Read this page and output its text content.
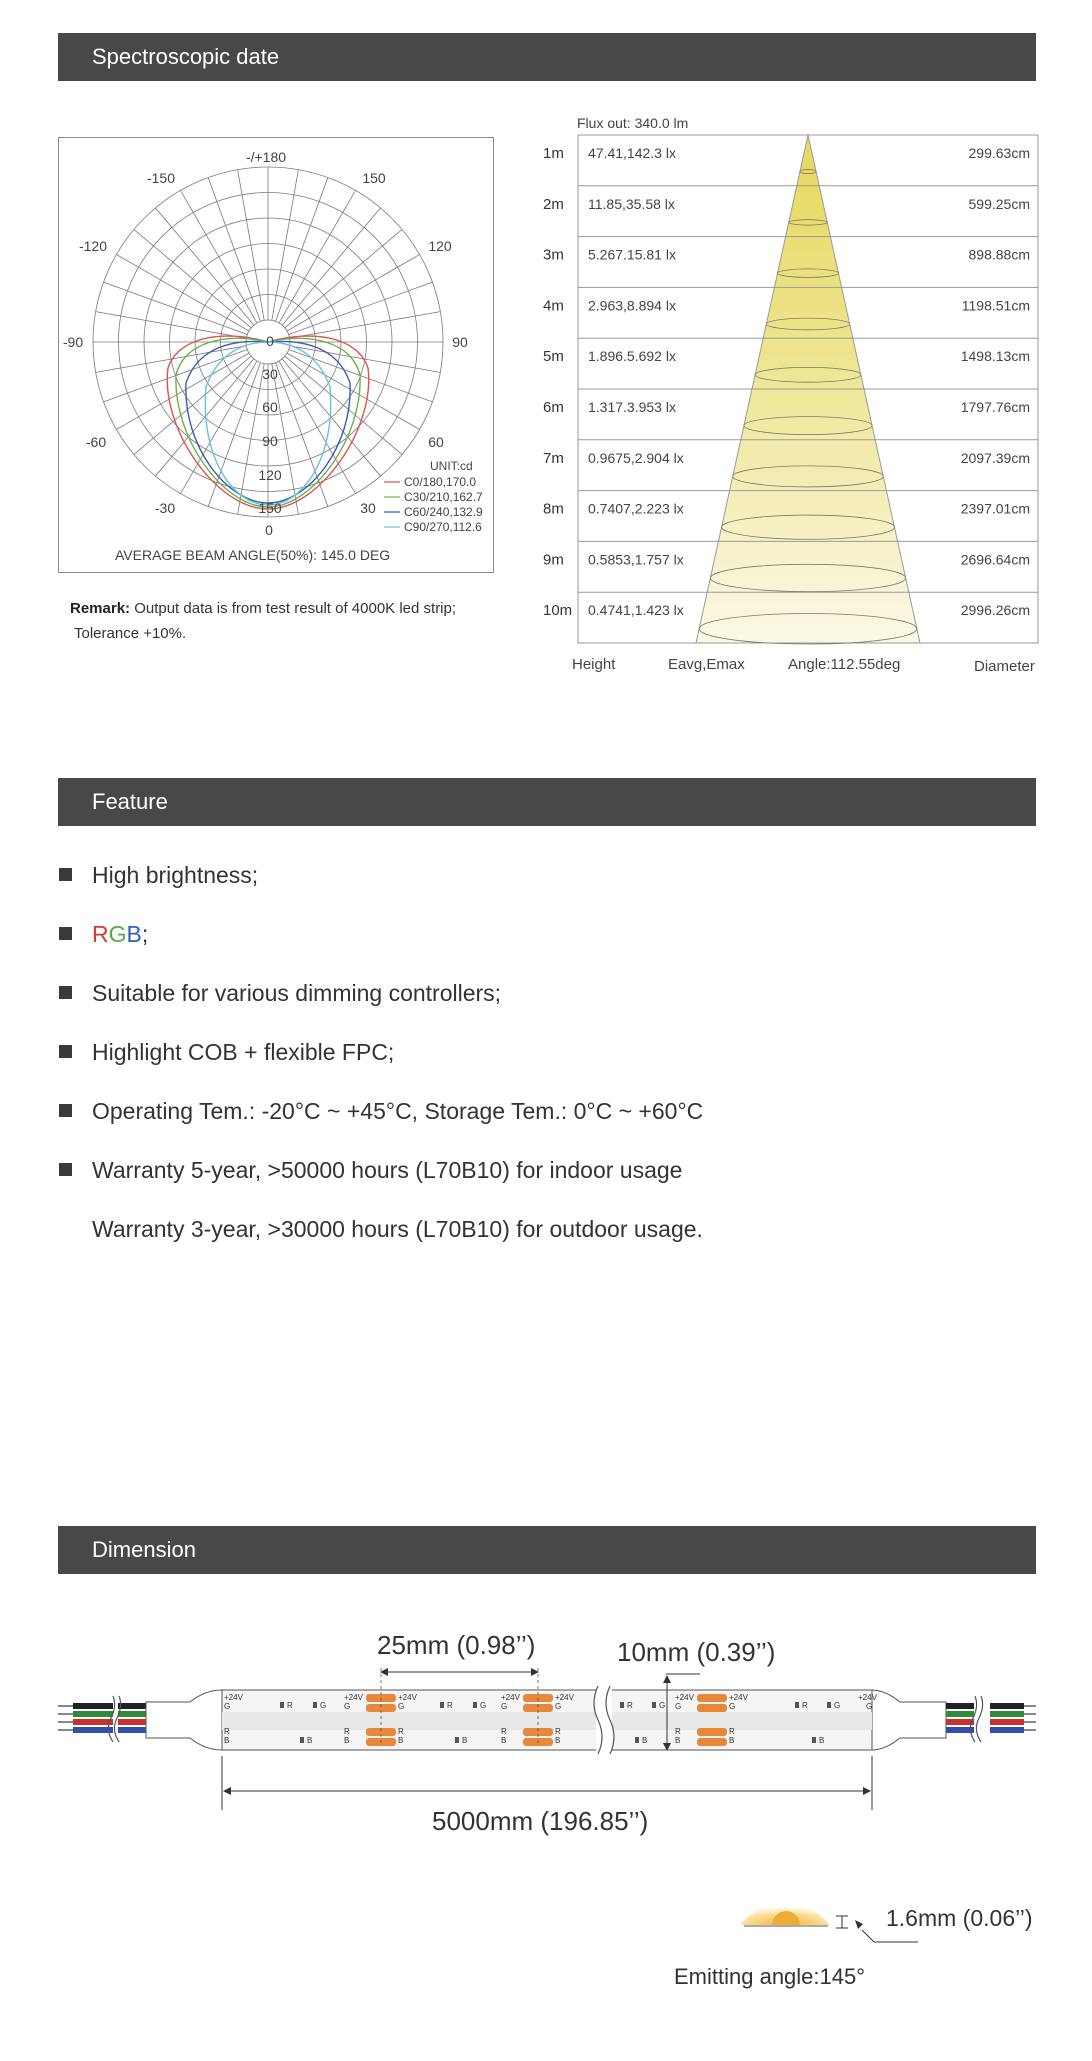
Spectroscopic date
-/+180
-150	150
-120	120
-90	90
-60	60
-30	30
0
0
30
60
90
120
150
UNIT:cd
C0/180,170.0
C30/210,162.7
C60/240,132.9
C90/270,112.6
AVERAGE BEAM ANGLE(50%): 145.0 DEG
Remark: Output data is from test result of 4000K led strip;
Tolerance +10%.
Flux out: 340.0 lm
1m 47.41,142.3 lx	299.63cm
2m 11.85,35.58 lx	599.25cm
3m 5.267.15.81 lx	898.88cm
4m 2.963,8.894 lx	1198.51cm
5m 1.896.5.692 lx	1498.13cm
6m 1.317.3.953 lx	1797.76cm
7m 0.9675,2.904 lx	2097.39cm
8m 0.7407,2.223 lx	2397.01cm
9m 0.5853,1.757 lx	2696.64cm
10m 0.4741,1.423 lx	2996.26cm
Height	Eavg,Emax	Angle:112.55deg	Diameter
Feature
High brightness;
RGB;
Suitable for various dimming controllers;
Highlight COB + flexible FPC;
Operating Tem.: -20°C ~ +45°C, Storage Tem.: 0°C ~ +60°C
Warranty 5-year, >50000 hours (L70B10) for indoor usage
Warranty 3-year, >30000 hours (L70B10) for outdoor usage.
Dimension
+24V
G
+24V
G
R
B
R
B
+24V
G
+24V
G
R
B
R
B
+24V
G
+24V
G
R
B
R
B
+24V
G
R
B
+24V
G
R	G	R	G	R	G	R	G
B	B	B	B
25mm (0.98’’)	10mm (0.39’’)
5000mm (196.85’’)
1.6mm (0.06’’)
Emitting angle:145°
